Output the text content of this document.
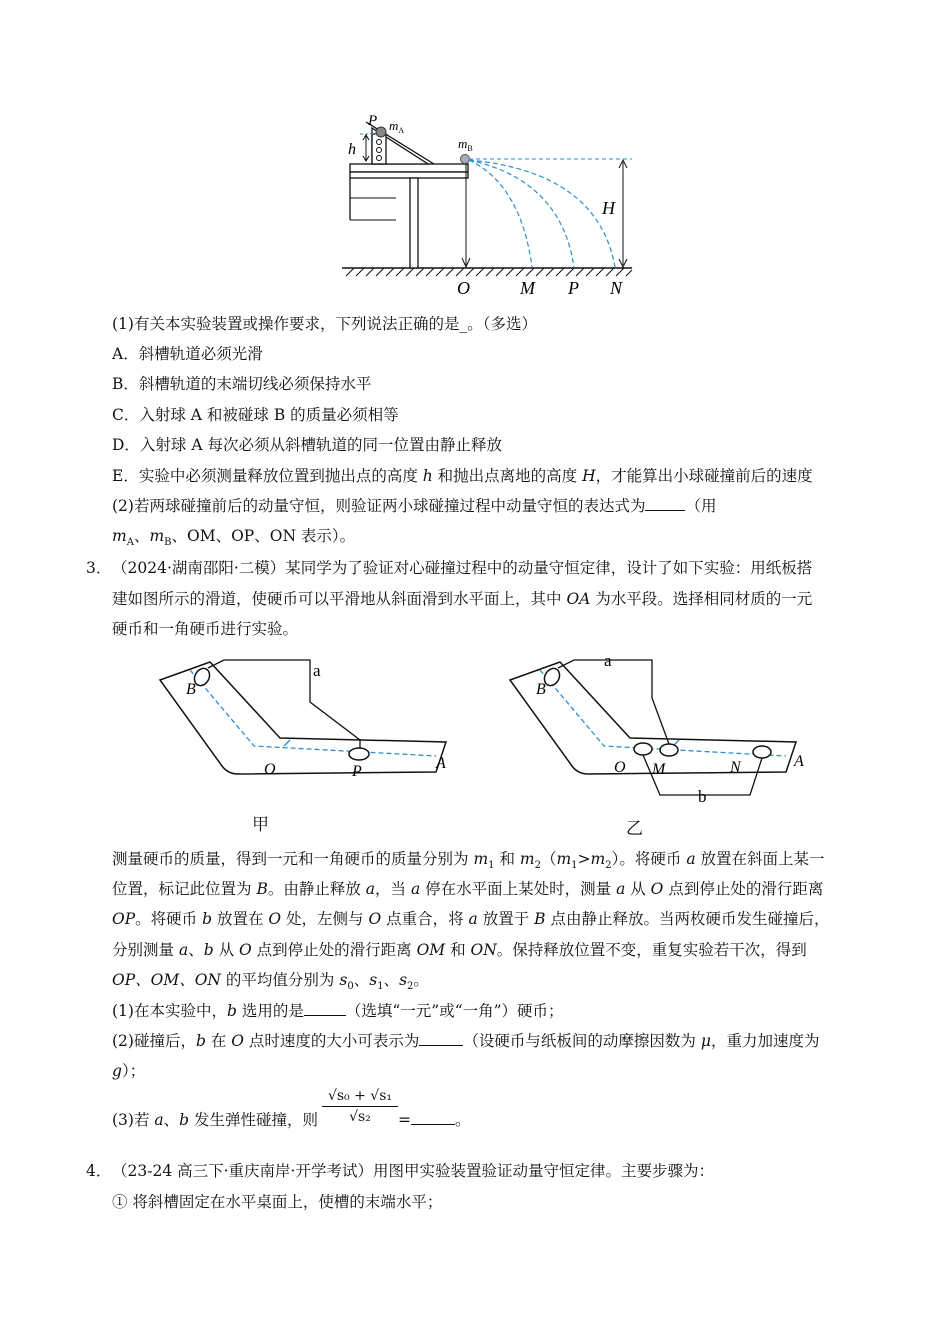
P $m_A$
h	$m_B$
H
O	M P N
(1)有关本实验装置或操作要求，下列说法正确的是_。（多选）
A．斜槽轨道必须光滑
B．斜槽轨道的末端切线必须保持水平
C．入射球 A 和被碰球 B 的质量必须相等
D．入射球 A 每次必须从斜槽轨道的同一位置由静止释放
E．实验中必须测量释放位置到抛出点的高度 h 和抛出点离地的高度 H，才能算出小球碰撞前后的速度
(2)若两球碰撞前后的动量守恒，则验证两小球碰撞过程中动量守恒的表达式为	（用
$m_A$、$m_B$、OM、OP、ON 表示）。
3． （2024·湖南邵阳·二模）某同学为了验证对心碰撞过程中的动量守恒定律，设计了如下实验：用纸板搭
建如图所示的滑道，使硬币可以平滑地从斜面滑到水平面上，其中 OA 为水平段。选择相同材质的一元
硬币和一角硬币进行实验。
a
B
O	P	A
甲
a
B
O M	N	A
b
乙
测量硬币的质量，得到一元和一角硬币的质量分别为 $m_1$ 和 $m_2(m_1>m_2)$。将硬币 a 放置在斜面上某一
位置，标记此位置为 B。由静止释放 a，当 a 停在水平面上某处时，测量 a 从 O 点到停止处的滑行距离
OP。将硬币 b 放置在 O 处，左侧与 O 点重合，将 a 放置于 B 点由静止释放。当两枚硬币发生碰撞后，
分别测量 a、b 从 O 点到停止处的滑行距离 OM 和 ON。保持释放位置不变，重复实验若干次，得到
OP、OM、ON 的平均值分别为 $s_0$、$s_1$、$s_2$。
(1)在本实验中，b 选用的是	（选填“一元”或“一角”）硬币；
(2)碰撞后，b 在 O 点时速度的大小可表示为	（设硬币与纸板间的动摩擦因数为 μ，重力加速度为
g）；
(3)若 a、b 发生弹性碰撞，则	=	。
$\frac{\text{√s₀ + √s₁}}{\text{√s₂}}$
4． （23-24 高三下·重庆南岸·开学考试）用图甲实验装置验证动量守恒定律。主要步骤为：
① 将斜槽固定在水平桌面上，使槽的末端水平；
